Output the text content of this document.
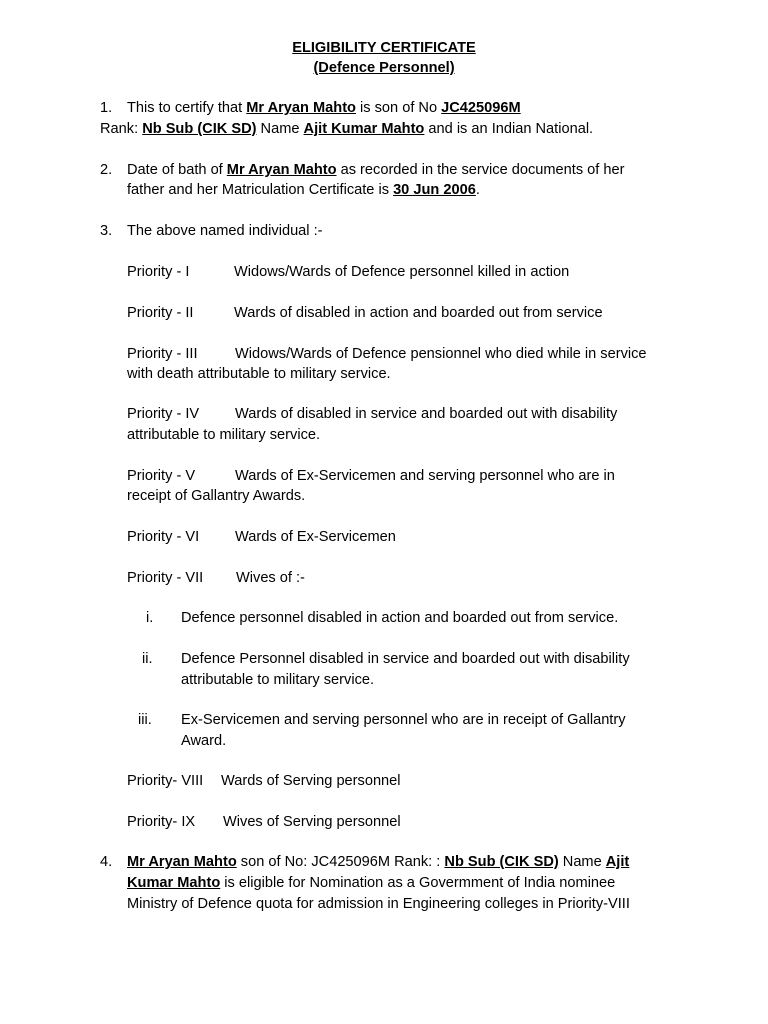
ELIGIBILITY CERTIFICATE
(Defence Personnel)
1. This to certify that Mr Aryan Mahto is son of No JC425096M
Rank: Nb Sub (CIK SD) Name Ajit Kumar Mahto and is an Indian National.
2. Date of bath of Mr Aryan Mahto as recorded in the service documents of her
father and her Matriculation Certificate is 30 Jun 2006.
3. The above named individual :-
Priority - I	Widows/Wards of Defence personnel killed in action
Priority - II	Wards of disabled in action and boarded out from service
Priority - III	Widows/Wards of Defence pensionnel who died while in service
with death attributable to military service.
Priority - IV Wards of disabled in service and boarded out with disability
attributable to military service.
Priority - V	Wards of Ex-Servicemen and serving personnel who are in
receipt of Gallantry Awards.
Priority - VI Wards of Ex-Servicemen
Priority - VII Wives of :-
i. Defence personnel disabled in action and boarded out from service.
ii. Defence Personnel disabled in service and boarded out with disability
attributable to military service.
iii. Ex-Servicemen and serving personnel who are in receipt of Gallantry
Award.
Priority- VIII Wards of Serving personnel
Priority- IX Wives of Serving personnel
4. Mr Aryan Mahto son of No: JC425096M Rank: : Nb Sub (CIK SD) Name Ajit
Kumar Mahto is eligible for Nomination as a Govermment of India nominee
Ministry of Defence quota for admission in Engineering colleges in Priority-VIII
